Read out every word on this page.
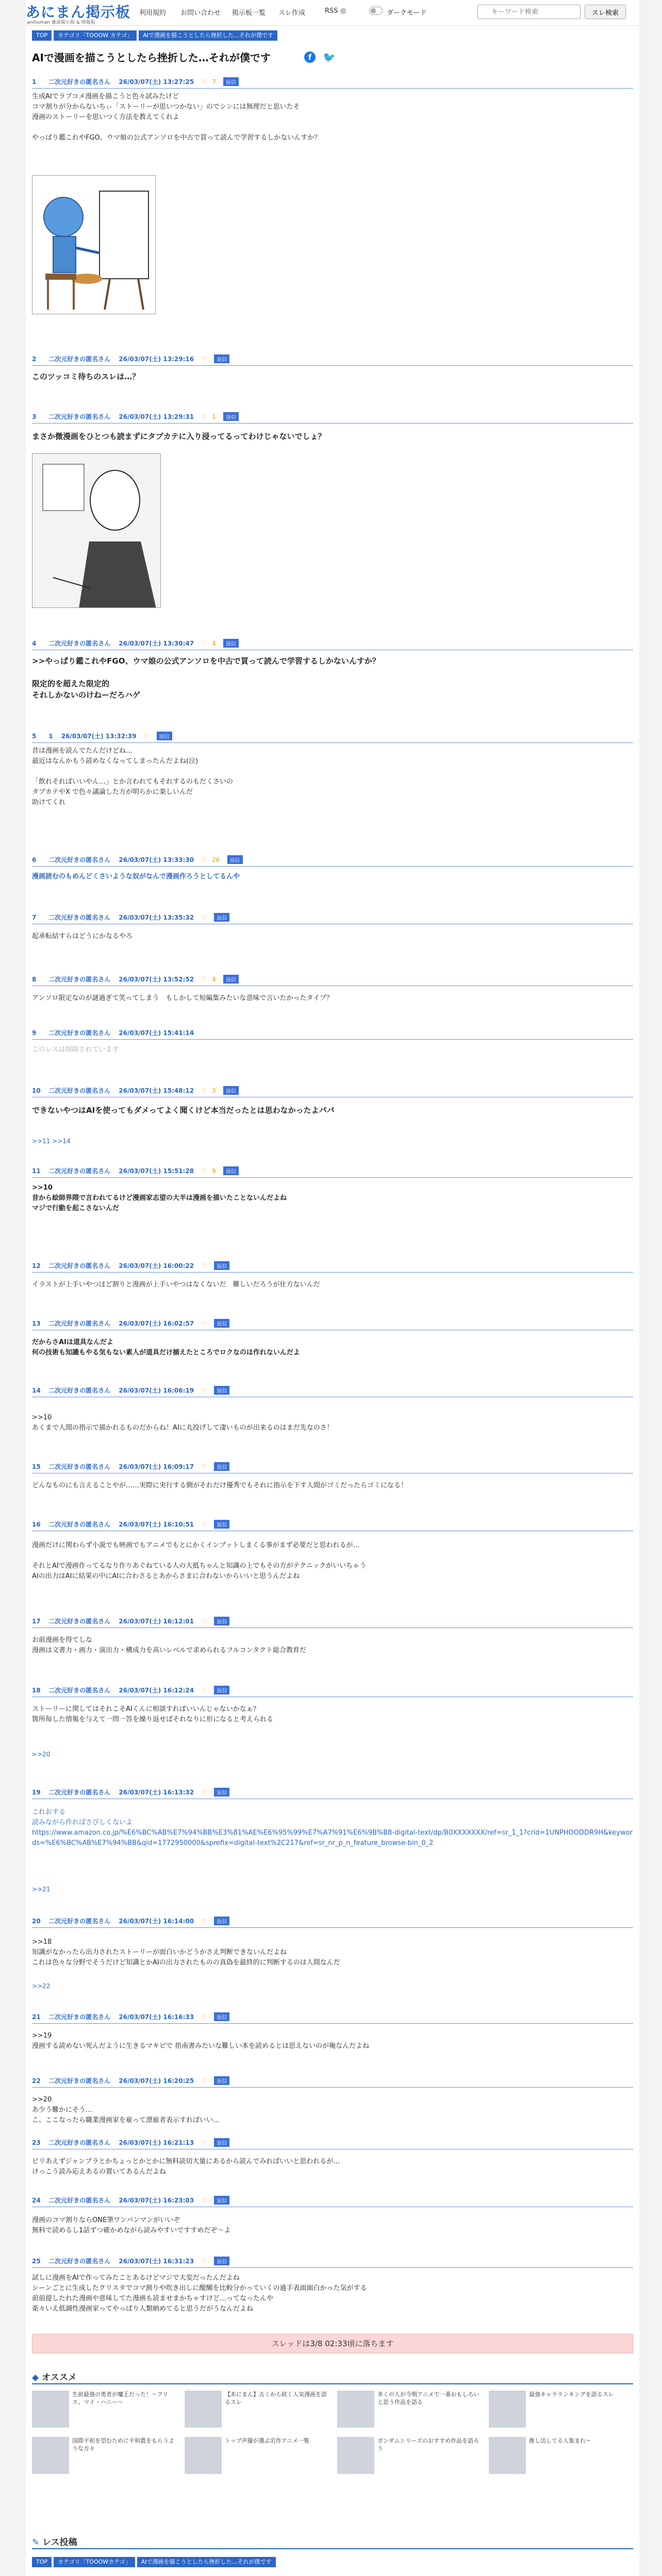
あにまん掲示板
anihuman 雑談掲示板 & 情報板
利用規約 お問い合わせ 掲示板一覧 スレ作成	RSS ◎	ダークモード
キーワード検索	スレ検索
TOP	カテゴリ「TOOOW カテゴ」	AIで漫画を描こうとしたら挫折した…それが僕です
AIで漫画を描こうとしたら挫折した…それが僕です	f	🐦
1 二次元好きの匿名さん 26/03/07(土) 13:27:25 ♡ 7 返信
生成AIでラブコメ漫画を描こうと色々試みたけど
コマ割りが分からないちぃ「ストーリーが思いつかない」のでシンには無理だと思いたそ
漫画のストーリーを思いつく方法を教えてくれよ

やっぱり鑑これやFGO、ウマ娘の公式アンソロを中古で買って読んで学習するしかないんすか？
2 二次元好きの匿名さん 26/03/07(土) 13:29:16 ♡ 返信
このツッコミ待ちのスレは…？
3 二次元好きの匿名さん 26/03/07(土) 13:29:31 ♡ 1 返信
まさか微漫画をひとつも読まずにタブカテに入り浸ってるってわけじゃないでしょ？
4 二次元好きの匿名さん 26/03/07(土) 13:30:47 ♡ 4 返信
>>やっぱり鑑これやFGO、ウマ娘の公式アンソロを中古で買って読んで学習するしかないんすか？

限定的を超えた限定的
それしかないのけねーだろハゲ
5 1 26/03/07(土) 13:32:39 ♡ 返信
昔は漫画を読んでたんだけどね…
最近はなんかもう読めなくなってしまったんだよね(泣)

「飲れそればいいやん…」とか言われてもそれするのもだくさいの
タブカテやX で色々議論した方が明らかに楽しいんだ
助けてくれ
6 二次元好きの匿名さん 26/03/07(土) 13:33:30 ♡ 26 返信
漫画読むのもめんどくさいような奴がなんで漫画作ろうとしてるんや
7 二次元好きの匿名さん 26/03/07(土) 13:35:32 ♡ 返信
起承転結すらはどうにかなるやろ
8 二次元好きの匿名さん 26/03/07(土) 13:52:52 ♡ 4 返信
アンソロ限定なのが謎過ぎて笑ってしまう　もしかして短編集みたいな意味で言いたかったタイプ？
9 二次元好きの匿名さん 26/03/07(土) 15:41:14
このレスは削除されています
10 二次元好きの匿名さん 26/03/07(土) 15:48:12 ♡ 3 返信
できないやつはAIを使ってもダメってよく聞くけど本当だったとは思わなかったよパパ
>>11 >>14
11 二次元好きの匿名さん 26/03/07(土) 15:51:28 ♡ 9 返信
>>10
昔から絵師界隈で言われてるけど漫画家志望の大半は漫画を描いたことないんだよね
マジで行動を起こさないんだ
12 二次元好きの匿名さん 26/03/07(土) 16:00:22 ♡ 返信
イラストが上手いやつほど割りと漫画が上手いやつはなくないだ　難しいだろうが仕方ないんだ
13 二次元好きの匿名さん 26/03/07(土) 16:02:57 ♡ 返信
だからさAIは道具なんだよ
何の技術も知識もやる気もない素人が道具だけ揃えたところでロクなのは作れないんだよ
14 二次元好きの匿名さん 26/03/07(土) 16:06:19 ♡ 返信
>>10
あくまで人間の指示で描かれるものだからね！AIに丸投げして凄いものが出来るのはまだ先なのさ！
15 二次元好きの匿名さん 26/03/07(土) 16:09:17 ♡ 返信
どんなものにも言えることやが……実際に実行する側がそれだけ優秀でもそれに指示を下す人間がゴミだったらゴミになる！
16 二次元好きの匿名さん 26/03/07(土) 16:10:51 ♡ 返信
漫画だけに関わらず小説でも映画でもアニメでもとにかくインプットしまくる事がまず必要だと思われるが…

それとAIで漫画作ってるなり作りあぐねている人の大抵ちゃんと知識の上でもその方がテクニックがいいちゃう
AIの出力はAIに結果の中にAIに合わさるとあからさまに合わないからいいと思うんだよね
17 二次元好きの匿名さん 26/03/07(土) 16:12:01 ♡ 返信
お前漫画を得てしな
漫画は文書力・画力・演出力・構成力を高いレベルで求められるフルコンタクト総合教育だ
18 二次元好きの匿名さん 26/03/07(土) 16:12:24 ♡ 返信
ストーリーに関してはそれこそAIくんに相談すればいいんじゃないかなぁ？
箇所毎した情報を与えて一問一答を繰り返せばそれなりに形になると考えられる
>>20
19 二次元好きの匿名さん 26/03/07(土) 16:13:32 ♡ 返信
これおする
読みながら作ればさびしくないよ
https://www.amazon.co.jp/%E6%BC%AB%E7%94%BB%E3%81%AE%E6%95%99%E7%A7%91%E6%9B%B8-digital-text/dp/B0XXXXXXX/ref=sr_1_1?crid=1UNPHOODDR9H&keywords=%E6%BC%AB%E7%94%BB&qid=1772950000&sprefix=digital-text%2C217&ref=sr_nr_p_n_feature_browse-bin_0_2
>>21
20 二次元好きの匿名さん 26/03/07(土) 16:14:00 ♡ 返信
>>18
知識がなかったら出力されたストーリーが面白いかどうかさえ判断できないんだよね
これは色々な分野でそうだけど知識とかAIの出力されたものの真偽を最終的に判断するのは人間なんだ
>>22
21 二次元好きの匿名さん 26/03/07(土) 16:16:33 ♡ 返信
>>19
漫画する読めない死んだように生きるマキビで 指南書みたいな難しい本を読めるとは思えないのが俺なんだよね
22 二次元好きの匿名さん 26/03/07(土) 16:20:25 ♡ 返信
>>20
あ少う難かにそう…
こ、ここなったら職業漫画家を雇って漂雇者表示すればいい…
23 二次元好きの匿名さん 26/03/07(土) 16:21:13 ♡ 返信
ビリあえずジャンプラとかちょっとかとかに無料読切大量にあるから読んでみればいいと思われるが…
けっこう読み応えあるの置いてあるんだよね
24 二次元好きの匿名さん 26/03/07(土) 16:23:03 ♡ 返信
漫画のコマ割りならONE筆ワンパンマンがいいぞ
無料で読めるし1話ずつ確かめながら読みやすいですすめだぞ～よ
25 二次元好きの匿名さん 26/03/07(土) 16:31:23 ♡ 返信
試しに漫画をAIで作ってみたことあるけどマジで大変だったんだよね
シーンごとに生成したクリスタでコマ割りや吹き出しに醍醐を比較分かっていくの過手表面面白かった気がする
前前提したれた漫画や意味してた漫画も読ませまかちゃすけど…ってなったんや
楽々いえ低調性漫画家ってやっぱり人類納めてると思うだがうなんだよね
スレッドは3/8 02:33頃に落ちます
◆ オススメ
生前最強の勇者が魔王だった！〜アリス、マイ・ハニー〜
【あにまん】古くから続く人気漫画を語るスレ
多くの人が今期アニメで一番おもしろいと思う作品を語る
最強キャラランキングを語るスレ
国際平和を望むために平和賞をもらうような方々
トップ声優が選ぶ名作アニメ一覧	ガンダムシリーズのおすすめ作品を語ろう
推し活してる人集まれ〜
✎ レス投稿
TOP	カテゴリ「TOOOWカテゴ」	AIで漫画を描こうとしたら挫折した…それが僕です
